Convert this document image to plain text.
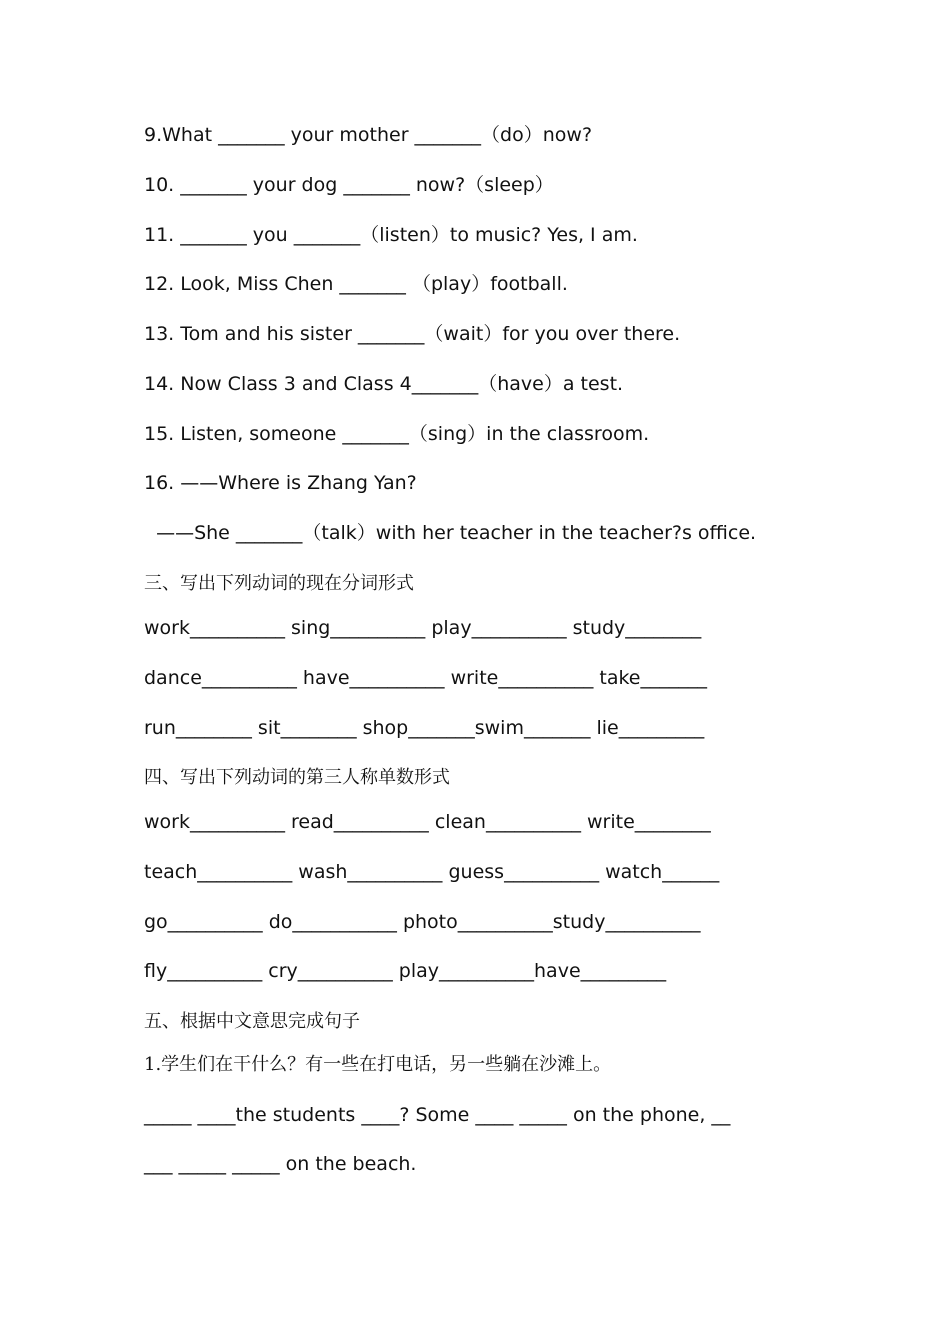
9.What _______ your mother _______（do）now?
10. _______ your dog _______ now?（sleep）
11. _______ you _______（listen）to music? Yes, I am.
12. Look, Miss Chen _______ （play）football.
13. Tom and his sister _______（wait）for you over there.
14. Now Class 3 and Class 4_______（have）a test.
15. Listen, someone _______（sing）in the classroom.
16. ——Where is Zhang Yan?
——She _______（talk）with her teacher in the teacher?s office.
三、写出下列动词的现在分词形式
work__________ sing__________ play__________ study________
dance__________ have__________ write__________ take_______
run________ sit________ shop_______swim_______ lie_________
四、写出下列动词的第三人称单数形式
work__________ read__________ clean__________ write________
teach__________ wash__________ guess__________ watch______
go__________ do___________ photo__________study__________
fly__________ cry__________ play__________have_________
五、根据中文意思完成句子
1.学生们在干什么？有一些在打电话，另一些躺在沙滩上。
_____ ____the students ____? Some ____ _____ on the phone, __
___ _____ _____ on the beach.
